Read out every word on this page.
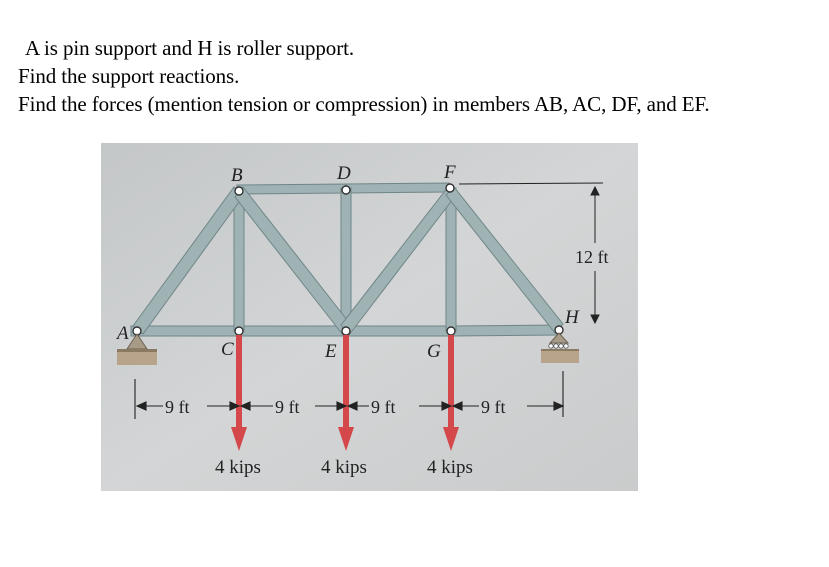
A is pin support and H is roller support.
Find the support reactions.
Find the forces (mention tension or compression) in members AB, AC, DF, and EF.
12 ft
9 ft	9 ft	9 ft	9 ft
4 kips	4 kips	4 kips
B	D	F
A
C	E	G
H
